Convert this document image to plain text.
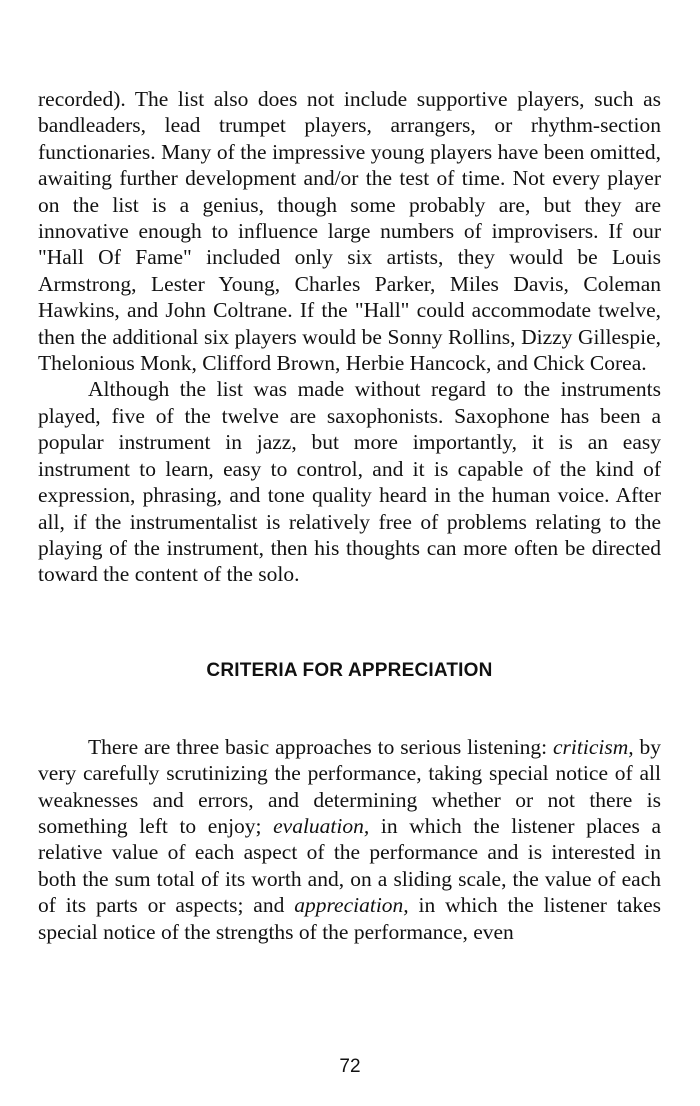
recorded). The list also does not include supportive players, such as bandleaders, lead trumpet players, arrangers, or rhythm-section functionaries. Many of the impressive young players have been omitted, awaiting further development and/or the test of time. Not every player on the list is a genius, though some probably are, but they are innovative enough to influence large numbers of improvisers. If our "Hall Of Fame" included only six artists, they would be Louis Armstrong, Lester Young, Charles Parker, Miles Davis, Coleman Hawkins, and John Coltrane. If the "Hall" could accommodate twelve, then the additional six players would be Sonny Rollins, Dizzy Gillespie, Thelonious Monk, Clifford Brown, Herbie Hancock, and Chick Corea.

Although the list was made without regard to the instruments played, five of the twelve are saxophonists. Saxophone has been a popular instrument in jazz, but more importantly, it is an easy instrument to learn, easy to control, and it is capable of the kind of expression, phrasing, and tone quality heard in the human voice. After all, if the instrumentalist is relatively free of problems relating to the playing of the instrument, then his thoughts can more often be directed toward the content of the solo.

CRITERIA FOR APPRECIATION

There are three basic approaches to serious listening: criticism, by very carefully scrutinizing the performance, taking special notice of all weaknesses and errors, and determining whether or not there is something left to enjoy; evaluation, in which the listener places a relative value of each aspect of the performance and is interested in both the sum total of its worth and, on a sliding scale, the value of each of its parts or aspects; and appreciation, in which the listener takes special notice of the strengths of the performance, even

72
